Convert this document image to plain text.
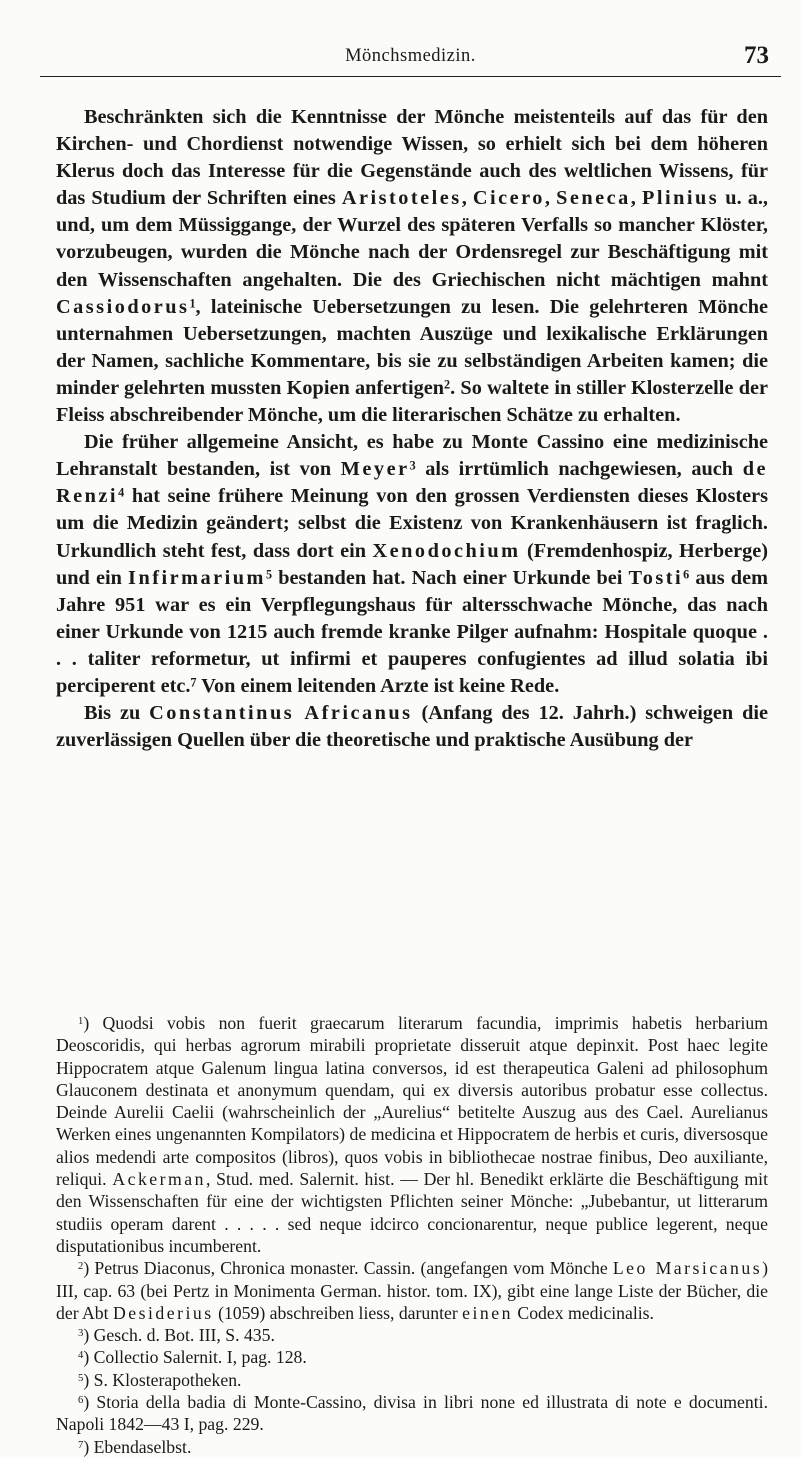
Mönchsmedizin.	73

Beschränkten sich die Kenntnisse der Mönche meistenteils auf das für den Kirchen- und Chordienst notwendige Wissen, so erhielt sich bei dem höheren Klerus doch das Interesse für die Gegenstände auch des weltlichen Wissens, für das Studium der Schriften eines Aristoteles, Cicero, Seneca, Plinius u. a., und, um dem Müssiggange, der Wurzel des späteren Verfalls so mancher Klöster, vorzubeugen, wurden die Mönche nach der Ordensregel zur Beschäftigung mit den Wissenschaften angehalten. Die des Griechischen nicht mächtigen mahnt Cassiodorus$^1$, lateinische Uebersetzungen zu lesen. Die gelehrteren Mönche unternahmen Uebersetzungen, machten Auszüge und lexikalische Erklärungen der Namen, sachliche Kommentare, bis sie zu selbständigen Arbeiten kamen; die minder gelehrten mussten Kopien anfertigen$^2$. So waltete in stiller Klosterzelle der Fleiss abschreibender Mönche, um die literarischen Schätze zu erhalten.

Die früher allgemeine Ansicht, es habe zu Monte Cassino eine medizinische Lehranstalt bestanden, ist von Meyer$^3$ als irrtümlich nachgewiesen, auch de Renzi$^4$ hat seine frühere Meinung von den grossen Verdiensten dieses Klosters um die Medizin geändert; selbst die Existenz von Krankenhäusern ist fraglich. Urkundlich steht fest, dass dort ein Xenodochium (Fremdenhospiz, Herberge) und ein Infirmarium$^5$ bestanden hat. Nach einer Urkunde bei Tosti$^6$ aus dem Jahre 951 war es ein Verpflegungshaus für altersschwache Mönche, das nach einer Urkunde von 1215 auch fremde kranke Pilger aufnahm: Hospitale quoque . . . taliter reformetur, ut infirmi et pauperes confugientes ad illud solatia ibi perciperent etc.$^7$ Von einem leitenden Arzte ist keine Rede.

Bis zu Constantinus Africanus (Anfang des 12. Jahrh.) schweigen die zuverlässigen Quellen über die theoretische und praktische Ausübung der

$^1$) Quodsi vobis non fuerit graecarum literarum facundia, imprimis habetis herbarium Deoscoridis, qui herbas agrorum mirabili proprietate disseruit atque depinxit. Post haec legite Hippocratem atque Galenum lingua latina conversos, id est therapeutica Galeni ad philosophum Glauconem destinata et anonymum quendam, qui ex diversis autoribus probatur esse collectus. Deinde Aurelii Caelii (wahrscheinlich der „Aurelius“ betitelte Auszug aus des Cael. Aurelianus Werken eines ungenannten Kompilators) de medicina et Hippocratem de herbis et curis, diversosque alios medendi arte compositos (libros), quos vobis in bibliothecae nostrae finibus, Deo auxiliante, reliqui. Ackerman, Stud. med. Salernit. hist. — Der hl. Benedikt erklärte die Beschäftigung mit den Wissenschaften für eine der wichtigsten Pflichten seiner Mönche: „Jubebantur, ut litterarum studiis operam darent . . . . . sed neque idcirco concionarentur, neque publice legerent, neque disputationibus incumberent.

$^2$) Petrus Diaconus, Chronica monaster. Cassin. (angefangen vom Mönche Leo Marsicanus) III, cap. 63 (bei Pertz in Monimenta German. histor. tom. IX), gibt eine lange Liste der Bücher, die der Abt Desiderius (1059) abschreiben liess, darunter einen Codex medicinalis.

$^3$) Gesch. d. Bot. III, S. 435.

$^4$) Collectio Salernit. I, pag. 128.

$^5$) S. Klosterapotheken.

$^6$) Storia della badia di Monte-Cassino, divisa in libri none ed illustrata di note e documenti. Napoli 1842—43 I, pag. 229.

$^7$) Ebendaselbst.
